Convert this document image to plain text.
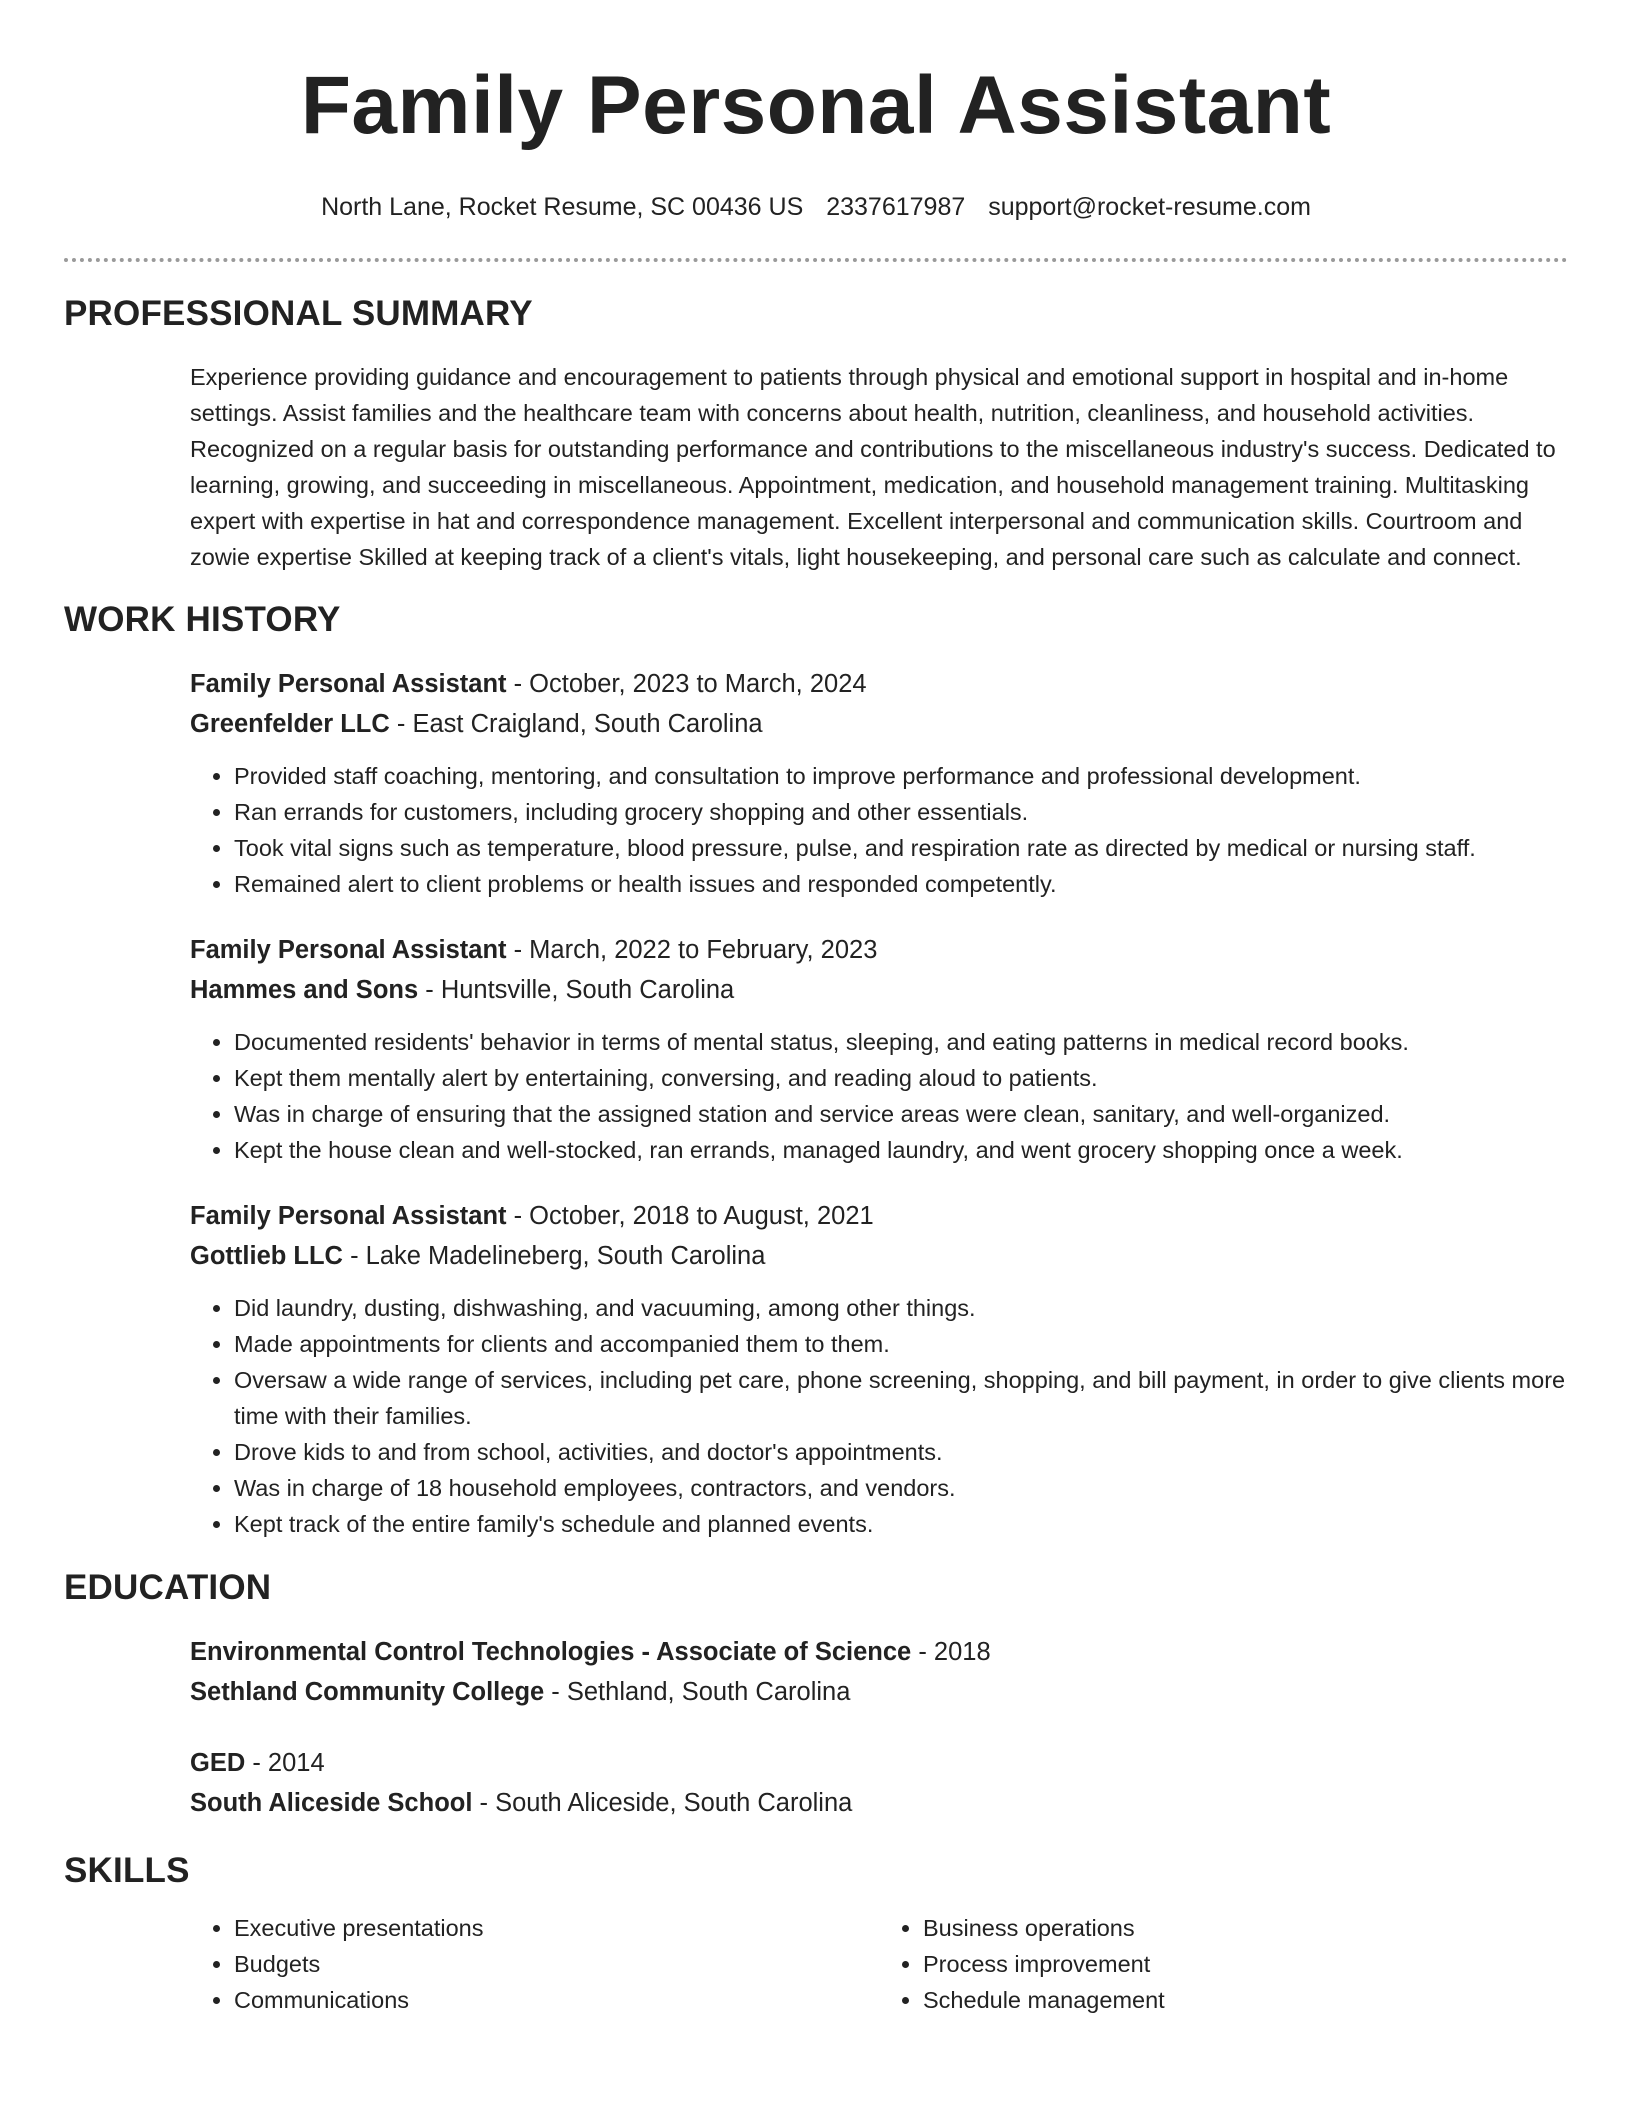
Family Personal Assistant
North Lane, Rocket Resume, SC 00436 US 2337617987 support@rocket-resume.com
PROFESSIONAL SUMMARY

Experience providing guidance and encouragement to patients through physical and emotional support in hospital and in-home settings. Assist families and the healthcare team with concerns about health, nutrition, cleanliness, and household activities. Recognized on a regular basis for outstanding performance and contributions to the miscellaneous industry's success. Dedicated to learning, growing, and succeeding in miscellaneous. Appointment, medication, and household management training. Multitasking expert with expertise in hat and correspondence management. Excellent interpersonal and communication skills. Courtroom and zowie expertise Skilled at keeping track of a client's vitals, light housekeeping, and personal care such as calculate and connect.

WORK HISTORY

Family Personal Assistant - October, 2023 to March, 2024

Greenfelder LLC - East Craigland, South Carolina

• Provided staff coaching, mentoring, and consultation to improve performance and professional development.
• Ran errands for customers, including grocery shopping and other essentials.
• Took vital signs such as temperature, blood pressure, pulse, and respiration rate as directed by medical or nursing staff.
• Remained alert to client problems or health issues and responded competently.

Family Personal Assistant - March, 2022 to February, 2023

Hammes and Sons - Huntsville, South Carolina

• Documented residents' behavior in terms of mental status, sleeping, and eating patterns in medical record books.
• Kept them mentally alert by entertaining, conversing, and reading aloud to patients.
• Was in charge of ensuring that the assigned station and service areas were clean, sanitary, and well-organized.
• Kept the house clean and well-stocked, ran errands, managed laundry, and went grocery shopping once a week.

Family Personal Assistant - October, 2018 to August, 2021

Gottlieb LLC - Lake Madelineberg, South Carolina

• Did laundry, dusting, dishwashing, and vacuuming, among other things.
• Made appointments for clients and accompanied them to them.
• Oversaw a wide range of services, including pet care, phone screening, shopping, and bill payment, in order to give clients more time with their families.
• Drove kids to and from school, activities, and doctor's appointments.
• Was in charge of 18 household employees, contractors, and vendors.
• Kept track of the entire family's schedule and planned events.
EDUCATION

Environmental Control Technologies - Associate of Science - 2018

Sethland Community College - Sethland, South Carolina

GED - 2014

South Aliceside School - South Aliceside, South Carolina

SKILLS
• Executive presentations
• Budgets
• Communications
• Business operations
• Process improvement
• Schedule management
